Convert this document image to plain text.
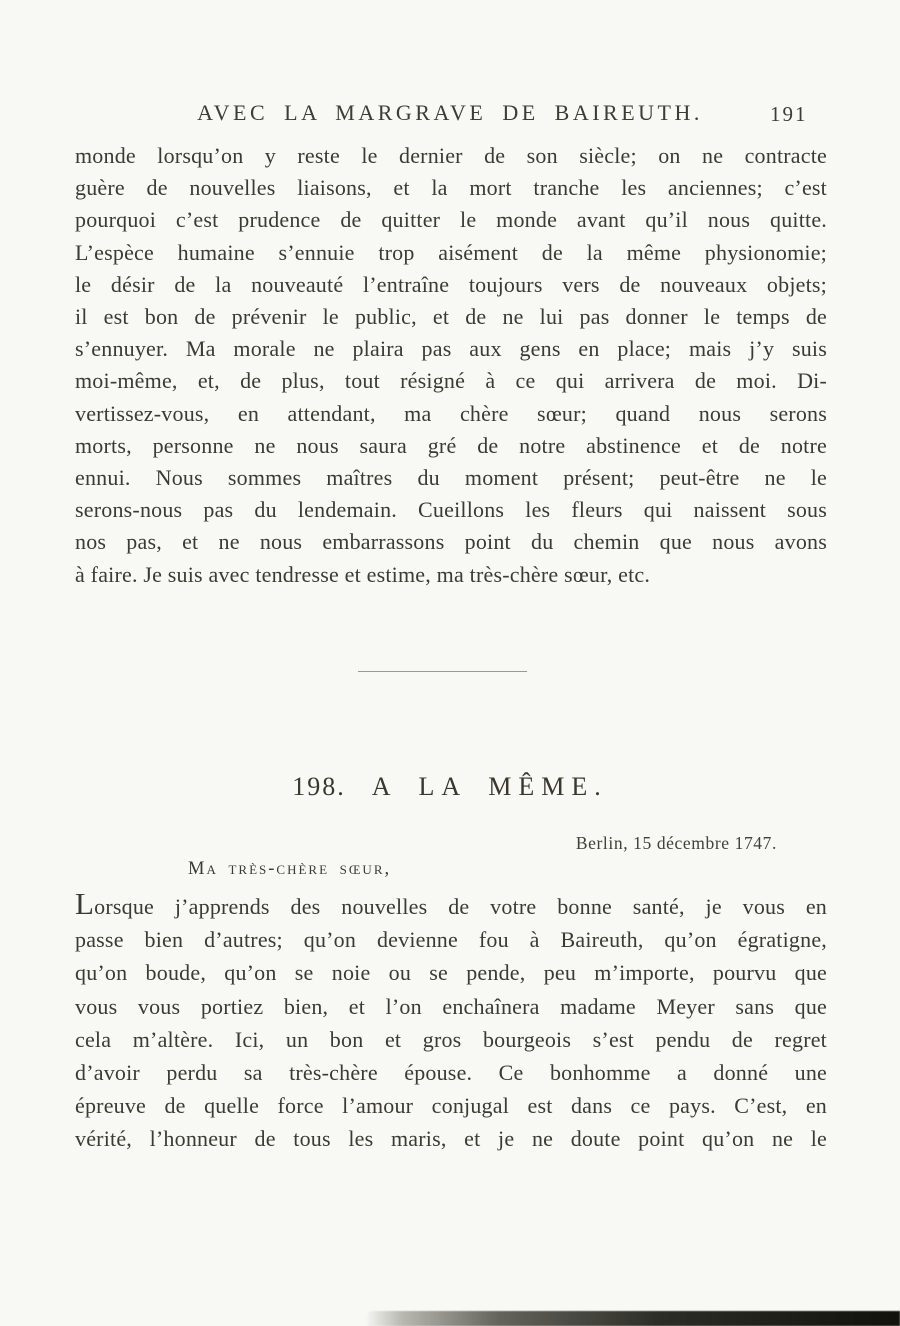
AVEC LA MARGRAVE DE BAIREUTH.	191
monde lorsqu’on y reste le dernier de son siècle; on ne contracte
guère de nouvelles liaisons, et la mort tranche les anciennes; c’est
pourquoi c’est prudence de quitter le monde avant qu’il nous quitte.
L’espèce humaine s’ennuie trop aisément de la même physionomie;
le désir de la nouveauté l’entraîne toujours vers de nouveaux objets;
il est bon de prévenir le public, et de ne lui pas donner le temps de
s’ennuyer. Ma morale ne plaira pas aux gens en place; mais j’y suis
moi-même, et, de plus, tout résigné à ce qui arrivera de moi. Di-
vertissez-vous, en attendant, ma chère sœur; quand nous serons
morts, personne ne nous saura gré de notre abstinence et de notre
ennui. Nous sommes maîtres du moment présent; peut-être ne le
serons-nous pas du lendemain. Cueillons les fleurs qui naissent sous
nos pas, et ne nous embarrassons point du chemin que nous avons
à faire. Je suis avec tendresse et estime, ma très-chère sœur, etc.
198. A LA MÊME.
Berlin, 15 décembre 1747.
Ma très-chère sœur,
Lorsque j’apprends des nouvelles de votre bonne santé, je vous en
passe bien d’autres; qu’on devienne fou à Baireuth, qu’on égratigne,
qu’on boude, qu’on se noie ou se pende, peu m’importe, pourvu que
vous vous portiez bien, et l’on enchaînera madame Meyer sans que
cela m’altère. Ici, un bon et gros bourgeois s’est pendu de regret
d’avoir perdu sa très-chère épouse. Ce bonhomme a donné une
épreuve de quelle force l’amour conjugal est dans ce pays. C’est, en
vérité, l’honneur de tous les maris, et je ne doute point qu’on ne le
